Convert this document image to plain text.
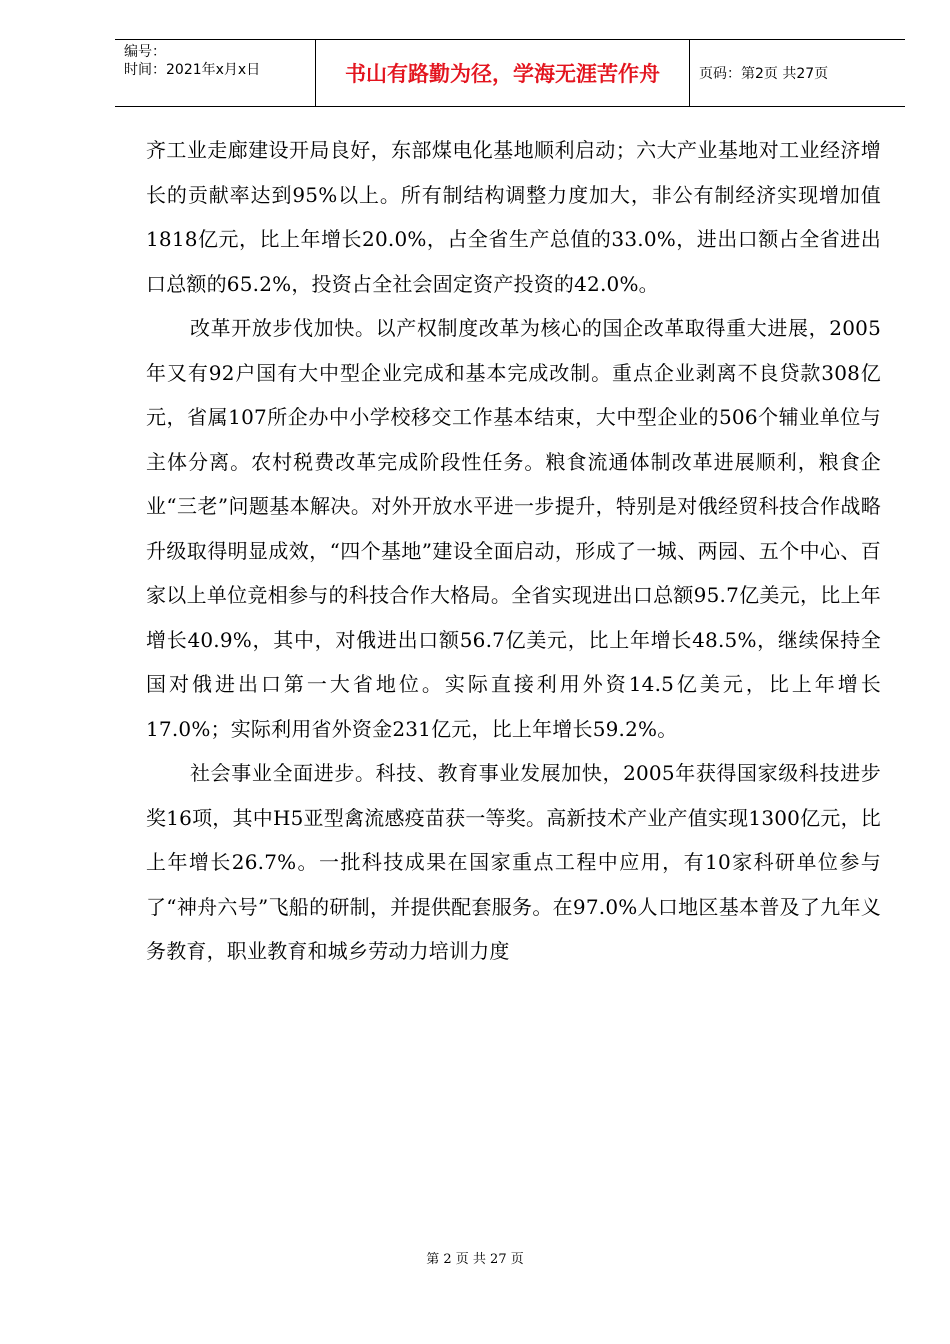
编号：
时间：2021年x月x日	书山有路勤为径，学海无涯苦作舟	页码：第2页 共27页

齐工业走廊建设开局良好，东部煤电化基地顺利启动；六大产业基地对工业经济增长的贡献率达到95%以上。所有制结构调整力度加大，非公有制经济实现增加值1818亿元，比上年增长20.0%，占全省生产总值的33.0%，进出口额占全省进出口总额的65.2%，投资占全社会固定资产投资的42.0%。

改革开放步伐加快。以产权制度改革为核心的国企改革取得重大进展，2005年又有92户国有大中型企业完成和基本完成改制。重点企业剥离不良贷款308亿元，省属107所企办中小学校移交工作基本结束，大中型企业的506个辅业单位与主体分离。农村税费改革完成阶段性任务。粮食流通体制改革进展顺利，粮食企业“三老”问题基本解决。对外开放水平进一步提升，特别是对俄经贸科技合作战略升级取得明显成效，“四个基地”建设全面启动，形成了一城、两园、五个中心、百家以上单位竞相参与的科技合作大格局。全省实现进出口总额95.7亿美元，比上年增长40.9%，其中，对俄进出口额56.7亿美元，比上年增长48.5%，继续保持全国对俄进出口第一大省地位。实际直接利用外资14.5亿美元，比上年增长17.0%；实际利用省外资金231亿元，比上年增长59.2%。

社会事业全面进步。科技、教育事业发展加快，2005年获得国家级科技进步奖16项，其中H5亚型禽流感疫苗获一等奖。高新技术产业产值实现1300亿元，比上年增长26.7%。一批科技成果在国家重点工程中应用，有10家科研单位参与了“神舟六号”飞船的研制，并提供配套服务。在97.0%人口地区基本普及了九年义务教育，职业教育和城乡劳动力培训力度

第 2 页 共 27 页
